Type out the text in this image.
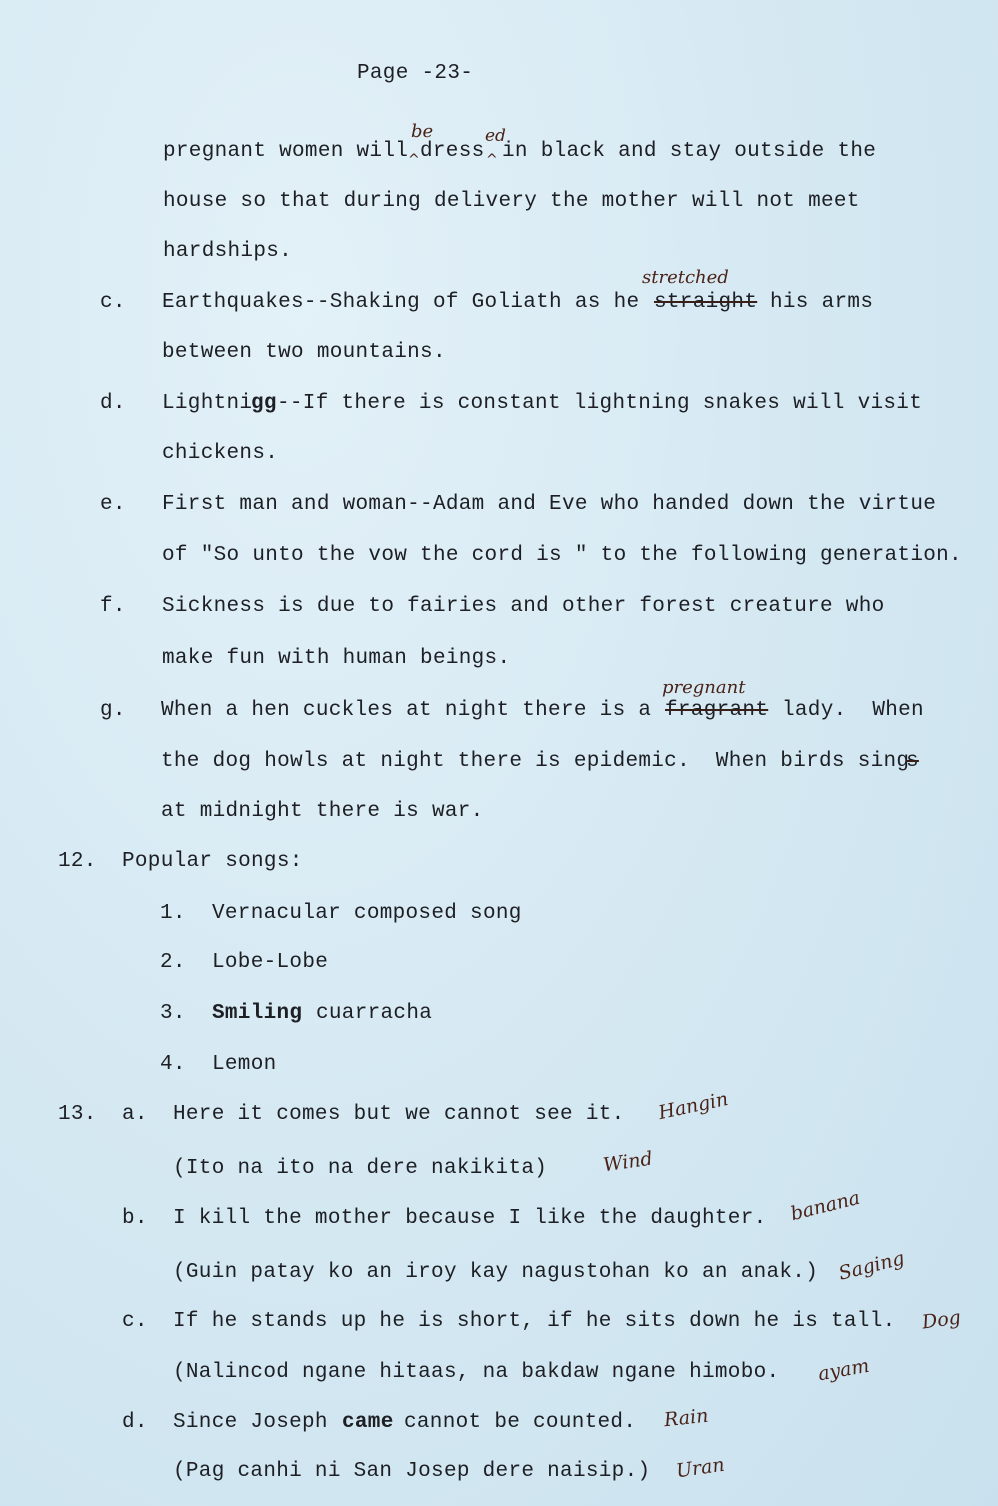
Page -23-
pregnant women will
be
^ dress
ed
^ in black and stay outside the
house so that during delivery the mother will not meet
hardships.
c. Earthquakes--Shaking of Goliath as he
stretched
straight his arms
between two mountains.
d. Lightni
gg --If there is constant lightning snakes will visit
chickens.
e. First man and woman--Adam and Eve who handed down the virtue
of "So unto the vow the cord is " to the following generation.
f. Sickness is due to fairies and other forest creature who
make fun with human beings.
g. When a hen cuckles at night there is a
pregnant
fragrant lady.  When
the dog howls at night there is epidemic.  When birds sing
s
at midnight there is war.
12. Popular songs:
1. Vernacular composed song
2. Lobe-Lobe
3. Smiling cuarracha
4. Lemon
13. a. Here it comes but we cannot see it. Hangin
(Ito na ito na dere nakikita)	Wind
b. I kill the mother because I like the daughter. banana
(Guin patay ko an iroy kay nagustohan ko an anak.) Saging
c. If he stands up he is short, if he sits down he is tall. Dog
(Nalincod ngane hitaas, na bakdaw ngane himobo. ayam
d. Since Joseph came cannot be counted. Rain
(Pag canhi ni San Josep dere naisip.) Uran
